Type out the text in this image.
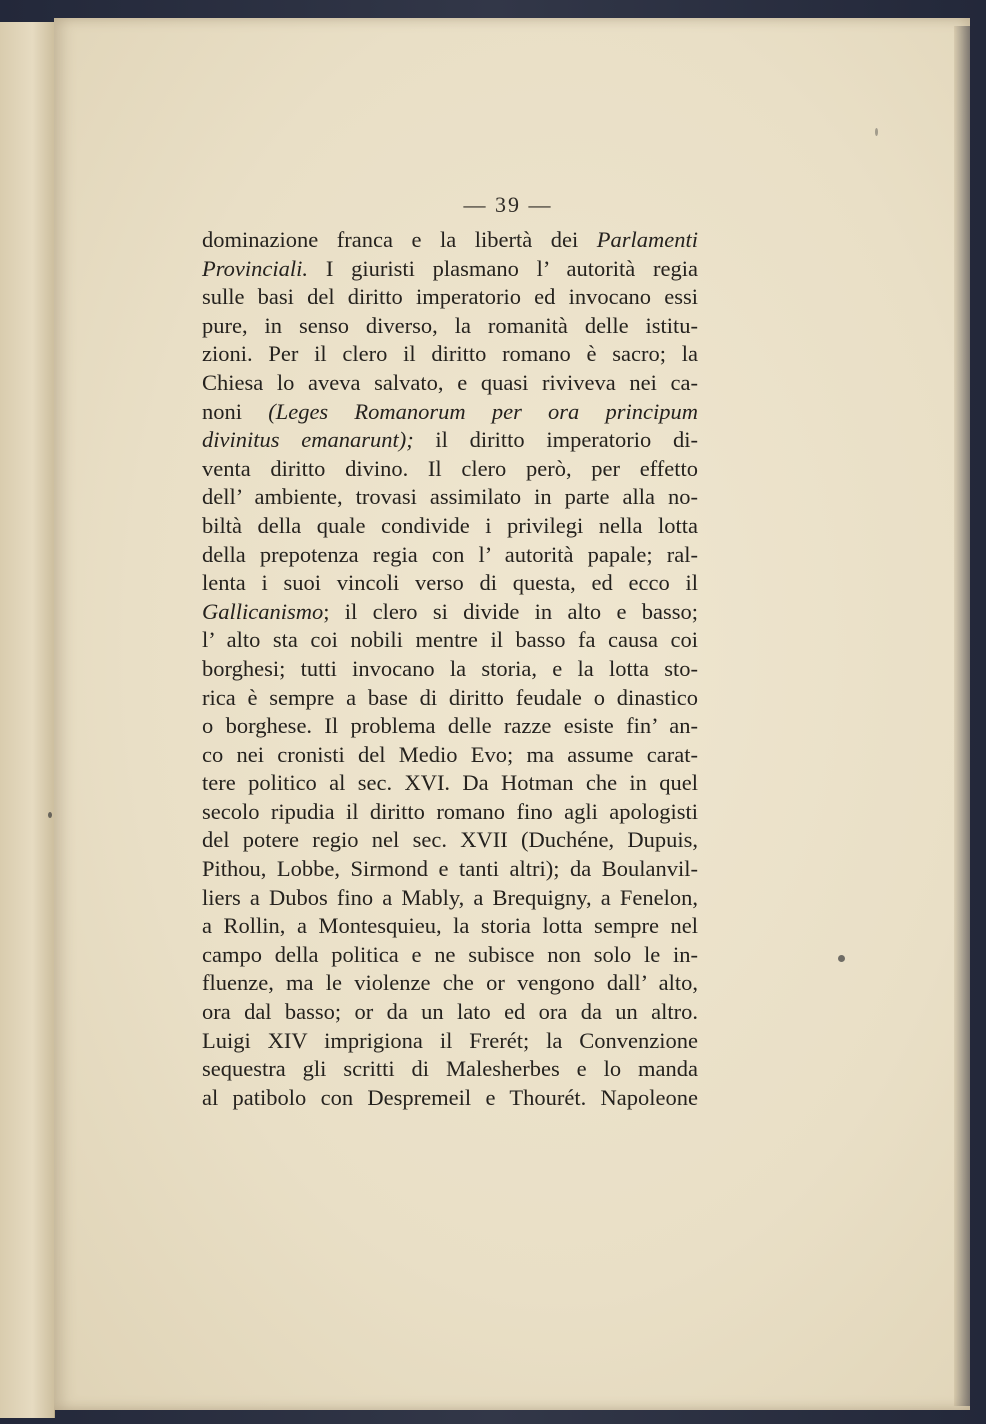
— 39 —
dominazione franca e la libertà dei Parlamenti
Provinciali. I giuristi plasmano l’ autorità regia
sulle basi del diritto imperatorio ed invocano essi
pure, in senso diverso, la romanità delle istitu-
zioni. Per il clero il diritto romano è sacro; la
Chiesa lo aveva salvato, e quasi riviveva nei ca-
noni (Leges Romanorum per ora principum
divinitus emanarunt); il diritto imperatorio di-
venta diritto divino. Il clero però, per effetto
dell’ ambiente, trovasi assimilato in parte alla no-
biltà della quale condivide i privilegi nella lotta
della prepotenza regia con l’ autorità papale; ral-
lenta i suoi vincoli verso di questa, ed ecco il
Gallicanismo; il clero si divide in alto e basso;
l’ alto sta coi nobili mentre il basso fa causa coi
borghesi; tutti invocano la storia, e la lotta sto-
rica è sempre a base di diritto feudale o dinastico
o borghese. Il problema delle razze esiste fin’ an-
co nei cronisti del Medio Evo; ma assume carat-
tere politico al sec. XVI. Da Hotman che in quel
secolo ripudia il diritto romano fino agli apologisti
del potere regio nel sec. XVII (Duchéne, Dupuis,
Pithou, Lobbe, Sirmond e tanti altri); da Boulanvil-
liers a Dubos fino a Mably, a Brequigny, a Fenelon,
a Rollin, a Montesquieu, la storia lotta sempre nel
campo della politica e ne subisce non solo le in-
fluenze, ma le violenze che or vengono dall’ alto,
ora dal basso; or da un lato ed ora da un altro.
Luigi XIV imprigiona il Frerét; la Convenzione
sequestra gli scritti di Malesherbes e lo manda
al patibolo con Despremeil e Thourét. Napoleone
